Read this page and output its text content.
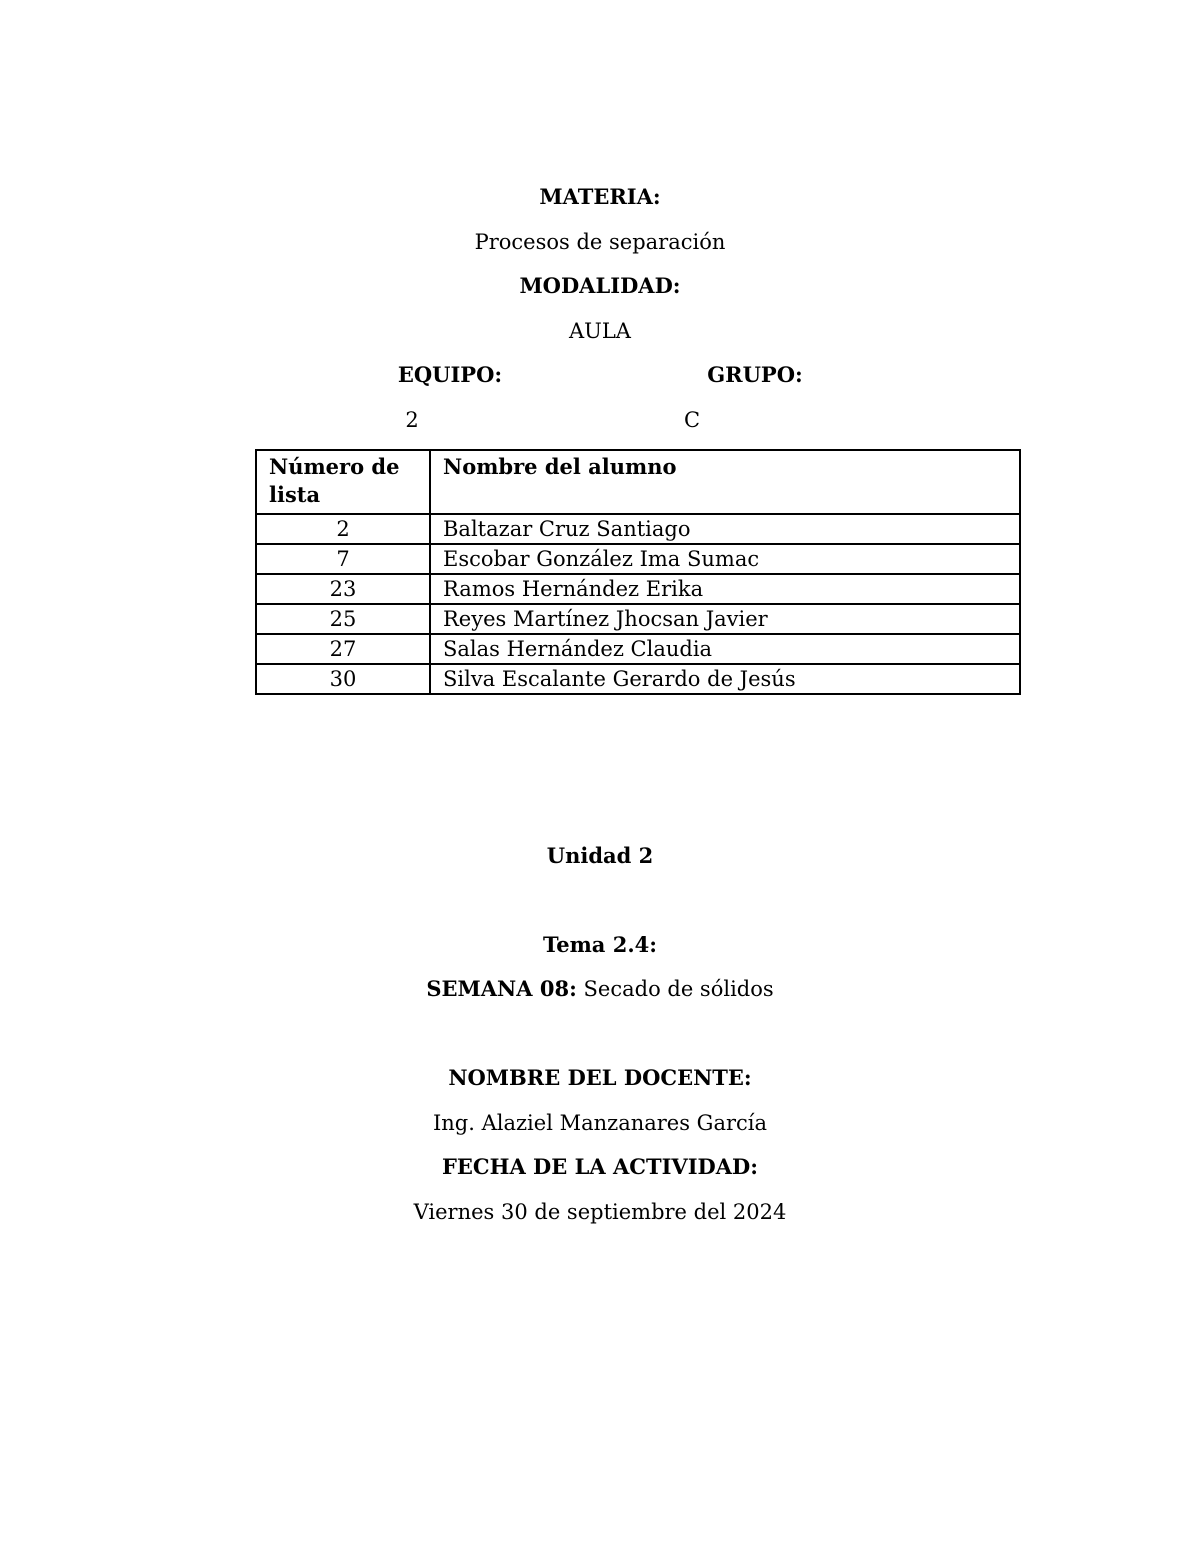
MATERIA:
Procesos de separación
MODALIDAD:
AULA
EQUIPO:	GRUPO:
2	C
Número de lista	Nombre del alumno
2	Baltazar Cruz Santiago
7	Escobar González Ima Sumac
23	Ramos Hernández Erika
25	Reyes Martínez Jhocsan Javier
27	Salas Hernández Claudia
30	Silva Escalante Gerardo de Jesús
Unidad 2
Tema 2.4:
SEMANA 08: Secado de sólidos
NOMBRE DEL DOCENTE:
Ing. Alaziel Manzanares García
FECHA DE LA ACTIVIDAD:
Viernes 30 de septiembre del 2024
